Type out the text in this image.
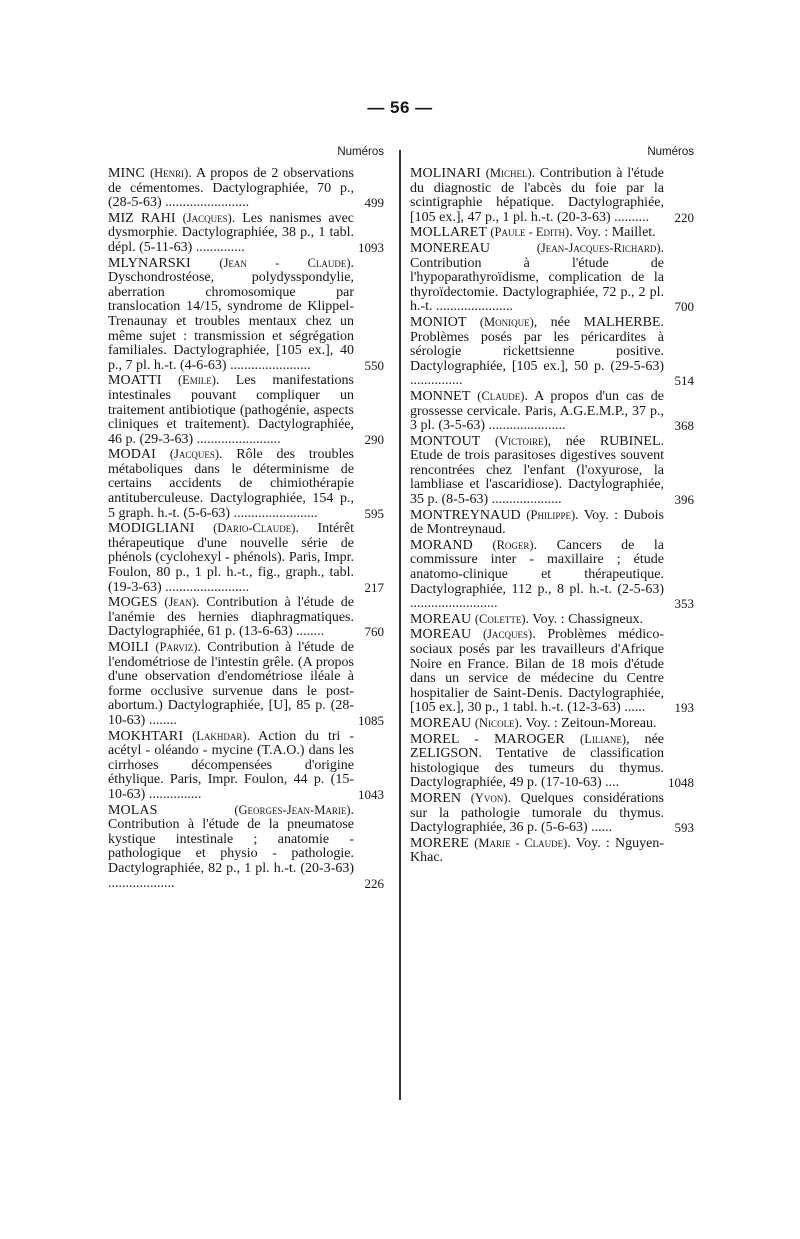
— 56 —
Numéros
MINC (Henri). A propos de 2 observations de cémentomes. Dactylographiée, 70 p., (28-5-63) ........................	499
MIZ RAHI (Jacques). Les nanismes avec dysmorphie. Dactylographiée, 38 p., 1 tabl. dépl. (5-11-63) ..............	1093
MLYNARSKI (Jean - Claude). Dyschondrostéose, polydysspondylie, aberration chromosomique par translocation 14/15, syndrome de Klippel-Trenaunay et troubles mentaux chez un même sujet : transmission et ségrégation familiales. Dactylographiée, [105 ex.], 40 p., 7 pl. h.-t. (4-6-63) .......................	550
MOATTI (Emile). Les manifestations intestinales pouvant compliquer un traitement antibiotique (pathogénie, aspects cliniques et traitement). Dactylographiée, 46 p. (29-3-63) ........................	290
MODAI (Jacques). Rôle des troubles métaboliques dans le déterminisme de certains accidents de chimiothérapie antituberculeuse. Dactylographiée, 154 p., 5 graph. h.-t. (5-6-63) ........................	595
MODIGLIANI (Dario-Claude). Intérêt thérapeutique d'une nouvelle série de phénols (cyclohexyl - phénols). Paris, Impr. Foulon, 80 p., 1 pl. h.-t., fig., graph., tabl. (19-3-63) ........................	217
MOGES (Jean). Contribution à l'étude de l'anémie des hernies diaphragmatiques. Dactylographiée, 61 p. (13-6-63) ........	760
MOILI (Parviz). Contribution à l'étude de l'endométriose de l'intestin grêle. (A propos d'une observation d'endométriose iléale à forme occlusive survenue dans le post-abortum.) Dactylographiée, [U], 85 p. (28-10-63) ........	1085
MOKHTARI (Lakhdar). Action du tri - acétyl - oléando - mycine (T.A.O.) dans les cirrhoses décompensées d'origine éthylique. Paris, Impr. Foulon, 44 p. (15-10-63) ...............	1043
MOLAS (Georges-Jean-Marie). Contribution à l'étude de la pneumatose kystique intestinale ; anatomie - pathologique et physio - pathologie. Dactylographiée, 82 p., 1 pl. h.-t. (20-3-63) ...................	226
Numéros
MOLINARI (Michel). Contribution à l'étude du diagnostic de l'abcès du foie par la scintigraphie hépatique. Dactylographiée, [105 ex.], 47 p., 1 pl. h.-t. (20-3-63) .......... 220
MOLLARET (Paule - Edith). Voy. : Maillet.
MONEREAU (Jean-Jacques-Richard). Contribution à l'étude de l'hypoparathyroïdisme, complication de la thyroïdectomie. Dactylographiée, 72 p., 2 pl. h.-t. ......................	700
MONIOT (Monique), née MALHERBE. Problèmes posés par les péricardites à sérologie rickettsienne positive. Dactylographiée, [105 ex.], 50 p. (29-5-63) ...............	514
MONNET (Claude). A propos d'un cas de grossesse cervicale. Paris, A.G.E.M.P., 37 p., 3 pl. (3-5-63) ......................	368
MONTOUT (Victoire), née RUBINEL. Etude de trois parasitoses digestives souvent rencontrées chez l'enfant (l'oxyurose, la lambliase et l'ascaridiose). Dactylographiée, 35 p. (8-5-63) ....................	396
MONTREYNAUD (Philippe). Voy. : Dubois de Montreynaud.
MORAND (Roger). Cancers de la commissure inter - maxillaire ; étude anatomo-clinique et thérapeutique. Dactylographiée, 112 p., 8 pl. h.-t. (2-5-63) .........................	353
MOREAU (Colette). Voy. : Chassigneux.
MOREAU (Jacques). Problèmes médico-sociaux posés par les travailleurs d'Afrique Noire en France. Bilan de 18 mois d'étude dans un service de médecine du Centre hospitalier de Saint-Denis. Dactylographiée, [105 ex.], 30 p., 1 tabl. h.-t. (12-3-63) ...... 193
MOREAU (Nicole). Voy. : Zeitoun-Moreau.
MOREL - MAROGER (Liliane), née ZELIGSON. Tentative de classification histologique des tumeurs du thymus. Dactylographiée, 49 p. (17-10-63) ....	1048
MOREN (Yvon). Quelques considérations sur la pathologie tumorale du thymus. Dactylographiée, 36 p. (5-6-63) ......	593
MORERE (Marie - Claude). Voy. : Nguyen-Khac.
